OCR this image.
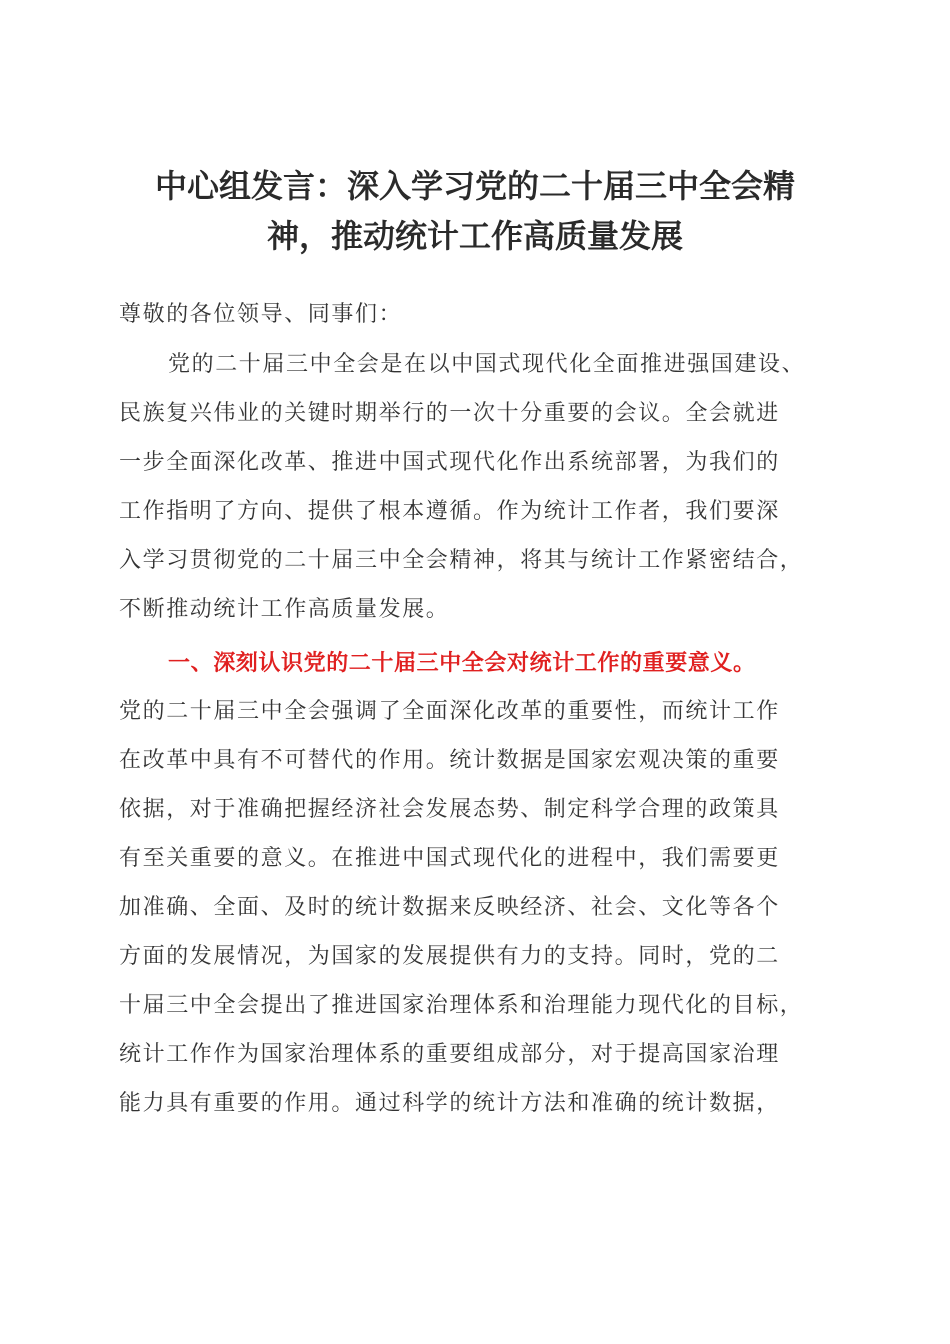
中心组发言：深入学习党的二十届三中全会精
神，推动统计工作高质量发展
尊敬的各位领导、同事们：
党的二十届三中全会是在以中国式现代化全面推进强国建设、
民族复兴伟业的关键时期举行的一次十分重要的会议。全会就进
一步全面深化改革、推进中国式现代化作出系统部署，为我们的
工作指明了方向、提供了根本遵循。作为统计工作者，我们要深
入学习贯彻党的二十届三中全会精神，将其与统计工作紧密结合，
不断推动统计工作高质量发展。
一、深刻认识党的二十届三中全会对统计工作的重要意义。
党的二十届三中全会强调了全面深化改革的重要性，而统计工作
在改革中具有不可替代的作用。统计数据是国家宏观决策的重要
依据，对于准确把握经济社会发展态势、制定科学合理的政策具
有至关重要的意义。在推进中国式现代化的进程中，我们需要更
加准确、全面、及时的统计数据来反映经济、社会、文化等各个
方面的发展情况，为国家的发展提供有力的支持。同时，党的二
十届三中全会提出了推进国家治理体系和治理能力现代化的目标，
统计工作作为国家治理体系的重要组成部分，对于提高国家治理
能力具有重要的作用。通过科学的统计方法和准确的统计数据，
